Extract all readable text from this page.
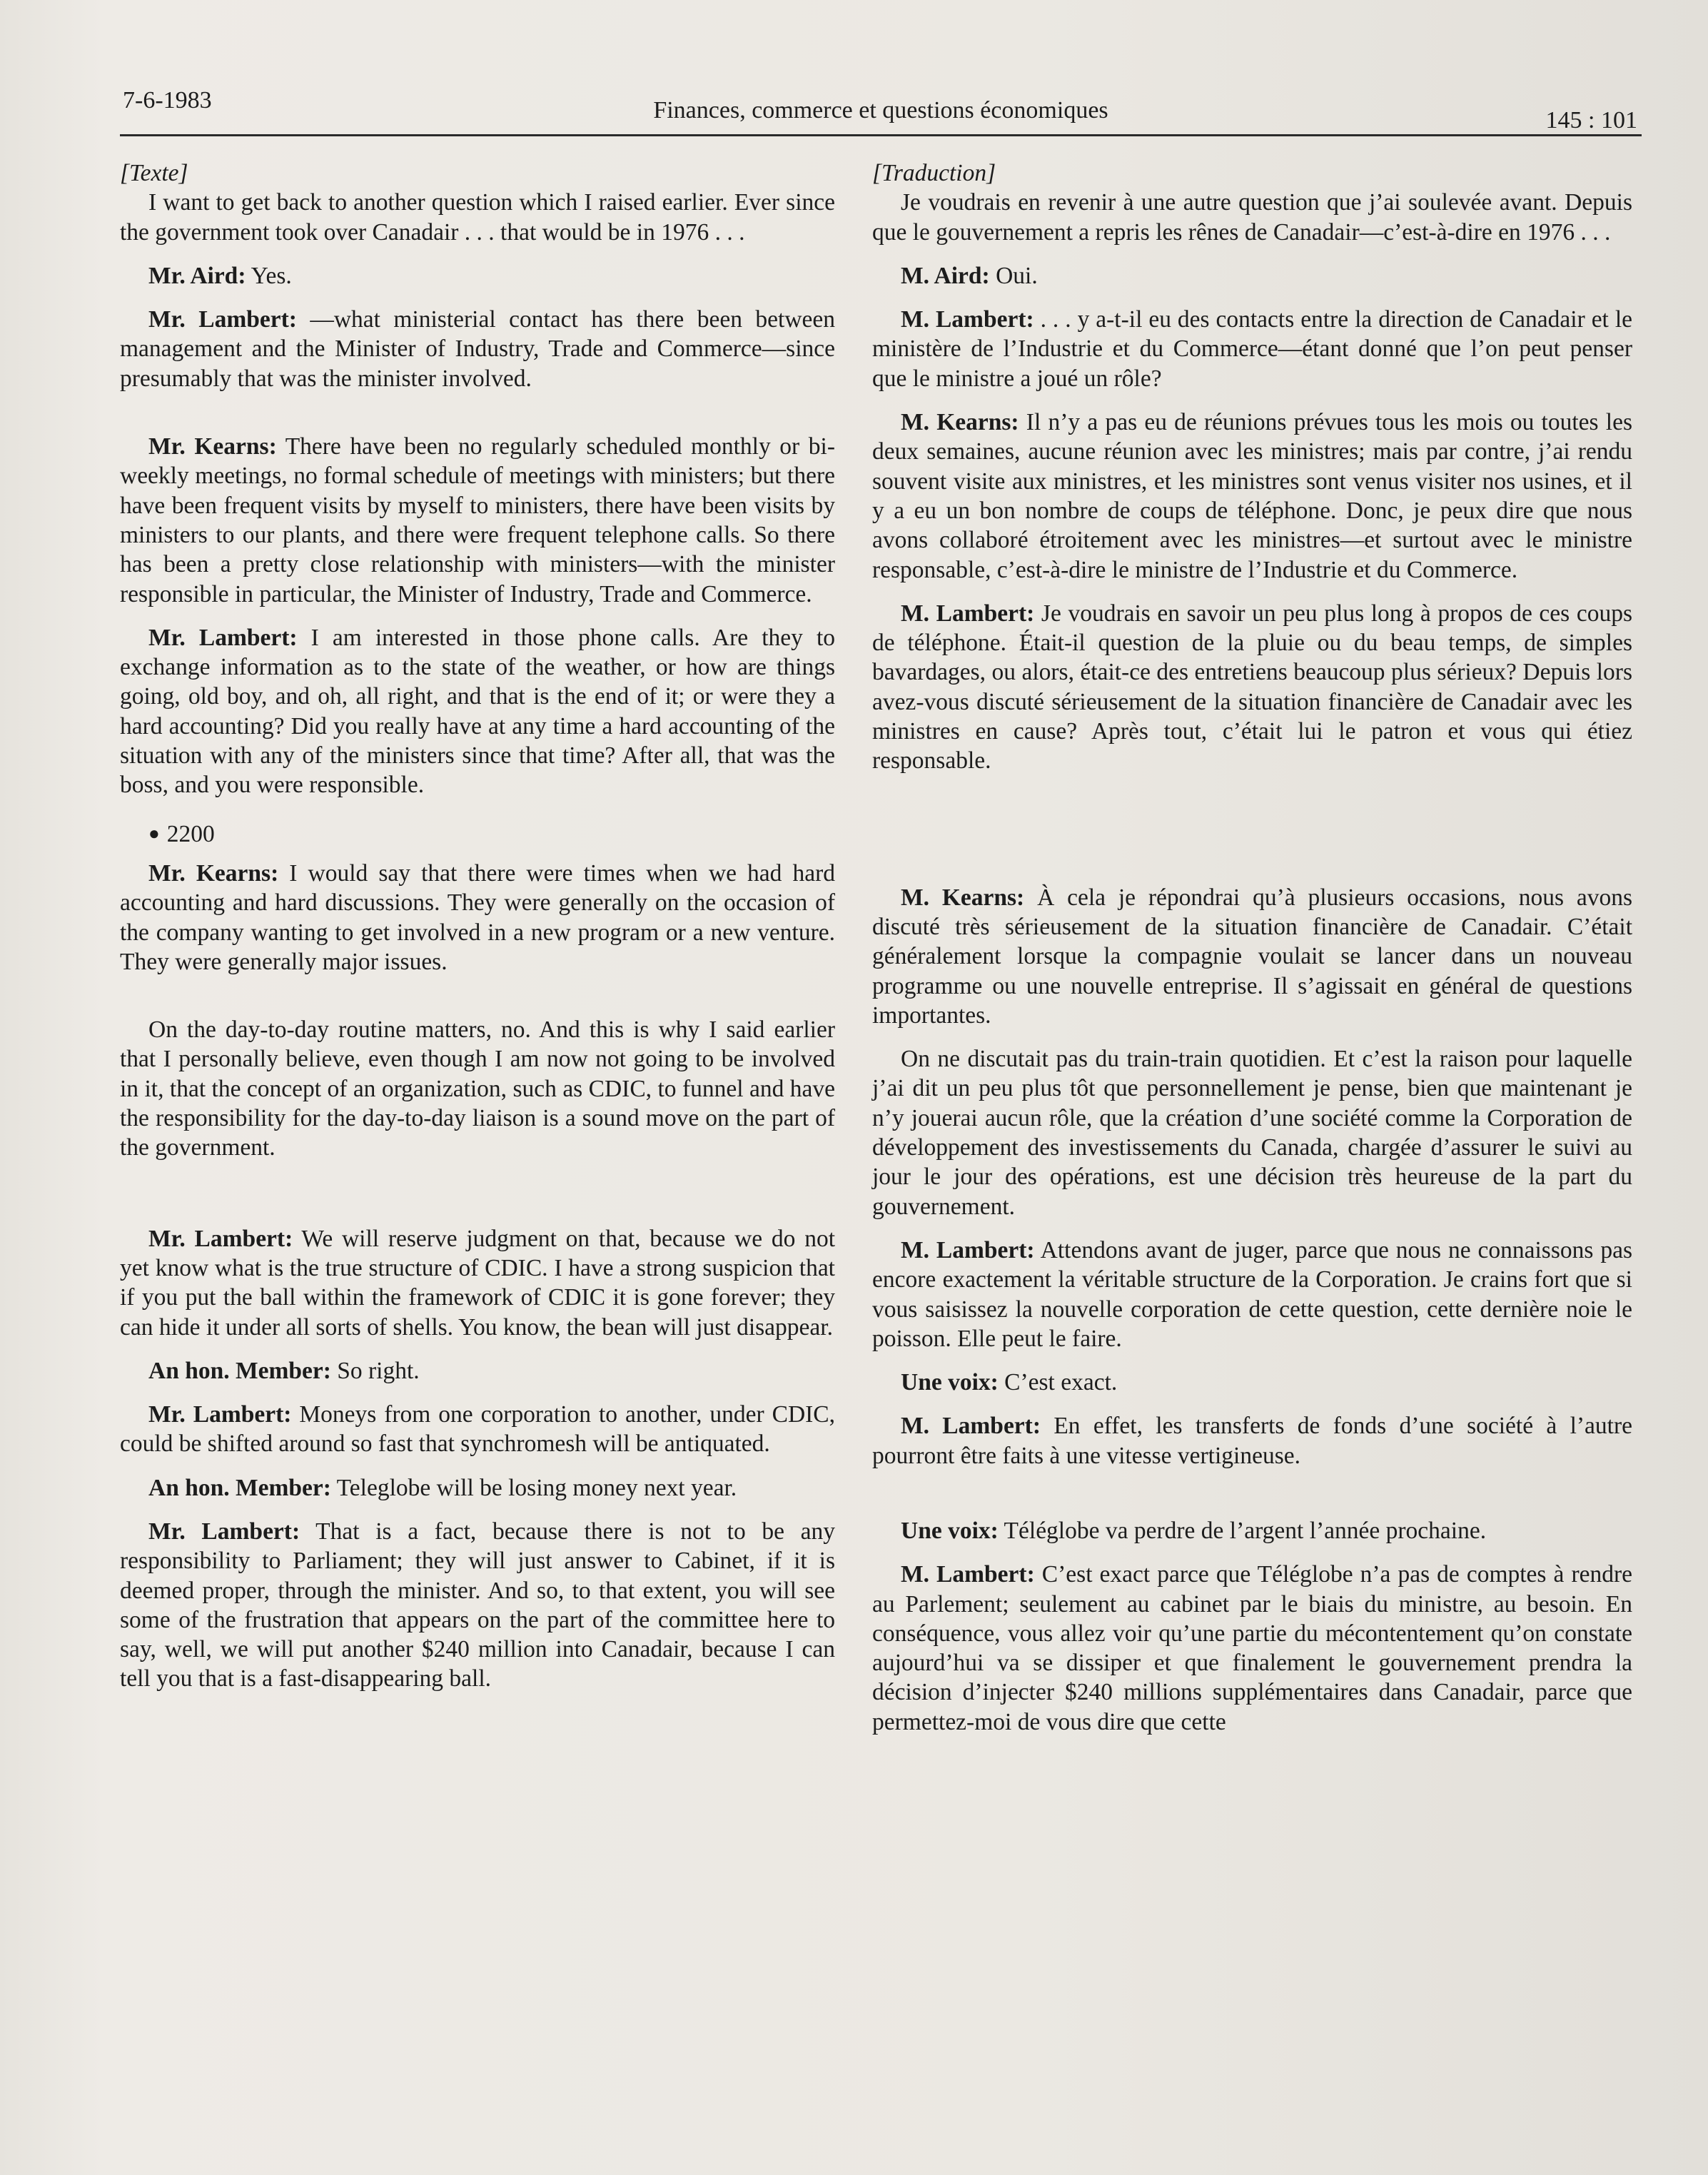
7-6-1983	Finances, commerce et questions économiques	145 : 101

[Texte]

I want to get back to another question which I raised earlier. Ever since the government took over Canadair . . . that would be in 1976 . . .

Mr. Aird: Yes.

Mr. Lambert: —what ministerial contact has there been between management and the Minister of Industry, Trade and Commerce—since presumably that was the minister involved.

Mr. Kearns: There have been no regularly scheduled monthly or bi-weekly meetings, no formal schedule of meetings with ministers; but there have been frequent visits by myself to ministers, there have been visits by ministers to our plants, and there were frequent telephone calls. So there has been a pretty close relationship with ministers—with the minister responsible in particular, the Minister of Industry, Trade and Commerce.

Mr. Lambert: I am interested in those phone calls. Are they to exchange information as to the state of the weather, or how are things going, old boy, and oh, all right, and that is the end of it; or were they a hard accounting? Did you really have at any time a hard accounting of the situation with any of the ministers since that time? After all, that was the boss, and you were responsible.

● 2200

Mr. Kearns: I would say that there were times when we had hard accounting and hard discussions. They were generally on the occasion of the company wanting to get involved in a new program or a new venture. They were generally major issues.

On the day-to-day routine matters, no. And this is why I said earlier that I personally believe, even though I am now not going to be involved in it, that the concept of an organization, such as CDIC, to funnel and have the responsibility for the day-to-day liaison is a sound move on the part of the government.

Mr. Lambert: We will reserve judgment on that, because we do not yet know what is the true structure of CDIC. I have a strong suspicion that if you put the ball within the framework of CDIC it is gone forever; they can hide it under all sorts of shells. You know, the bean will just disappear.

An hon. Member: So right.

Mr. Lambert: Moneys from one corporation to another, under CDIC, could be shifted around so fast that synchromesh will be antiquated.

An hon. Member: Teleglobe will be losing money next year.

Mr. Lambert: That is a fact, because there is not to be any responsibility to Parliament; they will just answer to Cabinet, if it is deemed proper, through the minister. And so, to that extent, you will see some of the frustration that appears on the part of the committee here to say, well, we will put another $240 million into Canadair, because I can tell you that is a fast-disappearing ball.

[Traduction]

Je voudrais en revenir à une autre question que j’ai soulevée avant. Depuis que le gouvernement a repris les rênes de Canadair—c’est-à-dire en 1976 . . .

M. Aird: Oui.

M. Lambert: . . . y a-t-il eu des contacts entre la direction de Canadair et le ministère de l’Industrie et du Commerce—étant donné que l’on peut penser que le ministre a joué un rôle?

M. Kearns: Il n’y a pas eu de réunions prévues tous les mois ou toutes les deux semaines, aucune réunion avec les ministres; mais par contre, j’ai rendu souvent visite aux ministres, et les ministres sont venus visiter nos usines, et il y a eu un bon nombre de coups de téléphone. Donc, je peux dire que nous avons collaboré étroitement avec les ministres—et surtout avec le ministre responsable, c’est-à-dire le ministre de l’Industrie et du Commerce.

M. Lambert: Je voudrais en savoir un peu plus long à propos de ces coups de téléphone. Était-il question de la pluie ou du beau temps, de simples bavardages, ou alors, était-ce des entretiens beaucoup plus sérieux? Depuis lors avez-vous discuté sérieusement de la situation financière de Canadair avec les ministres en cause? Après tout, c’était lui le patron et vous qui étiez responsable.

M. Kearns: À cela je répondrai qu’à plusieurs occasions, nous avons discuté très sérieusement de la situation financière de Canadair. C’était généralement lorsque la compagnie voulait se lancer dans un nouveau programme ou une nouvelle entreprise. Il s’agissait en général de questions importantes.

On ne discutait pas du train-train quotidien. Et c’est la raison pour laquelle j’ai dit un peu plus tôt que personnellement je pense, bien que maintenant je n’y jouerai aucun rôle, que la création d’une société comme la Corporation de développement des investissements du Canada, chargée d’assurer le suivi au jour le jour des opérations, est une décision très heureuse de la part du gouvernement.

M. Lambert: Attendons avant de juger, parce que nous ne connaissons pas encore exactement la véritable structure de la Corporation. Je crains fort que si vous saisissez la nouvelle corporation de cette question, cette dernière noie le poisson. Elle peut le faire.

Une voix: C’est exact.

M. Lambert: En effet, les transferts de fonds d’une société à l’autre pourront être faits à une vitesse vertigineuse.

Une voix: Téléglobe va perdre de l’argent l’année prochaine.

M. Lambert: C’est exact parce que Téléglobe n’a pas de comptes à rendre au Parlement; seulement au cabinet par le biais du ministre, au besoin. En conséquence, vous allez voir qu’une partie du mécontentement qu’on constate aujourd’hui va se dissiper et que finalement le gouvernement prendra la décision d’injecter $240 millions supplémentaires dans Canadair, parce que permettez-moi de vous dire que cette
